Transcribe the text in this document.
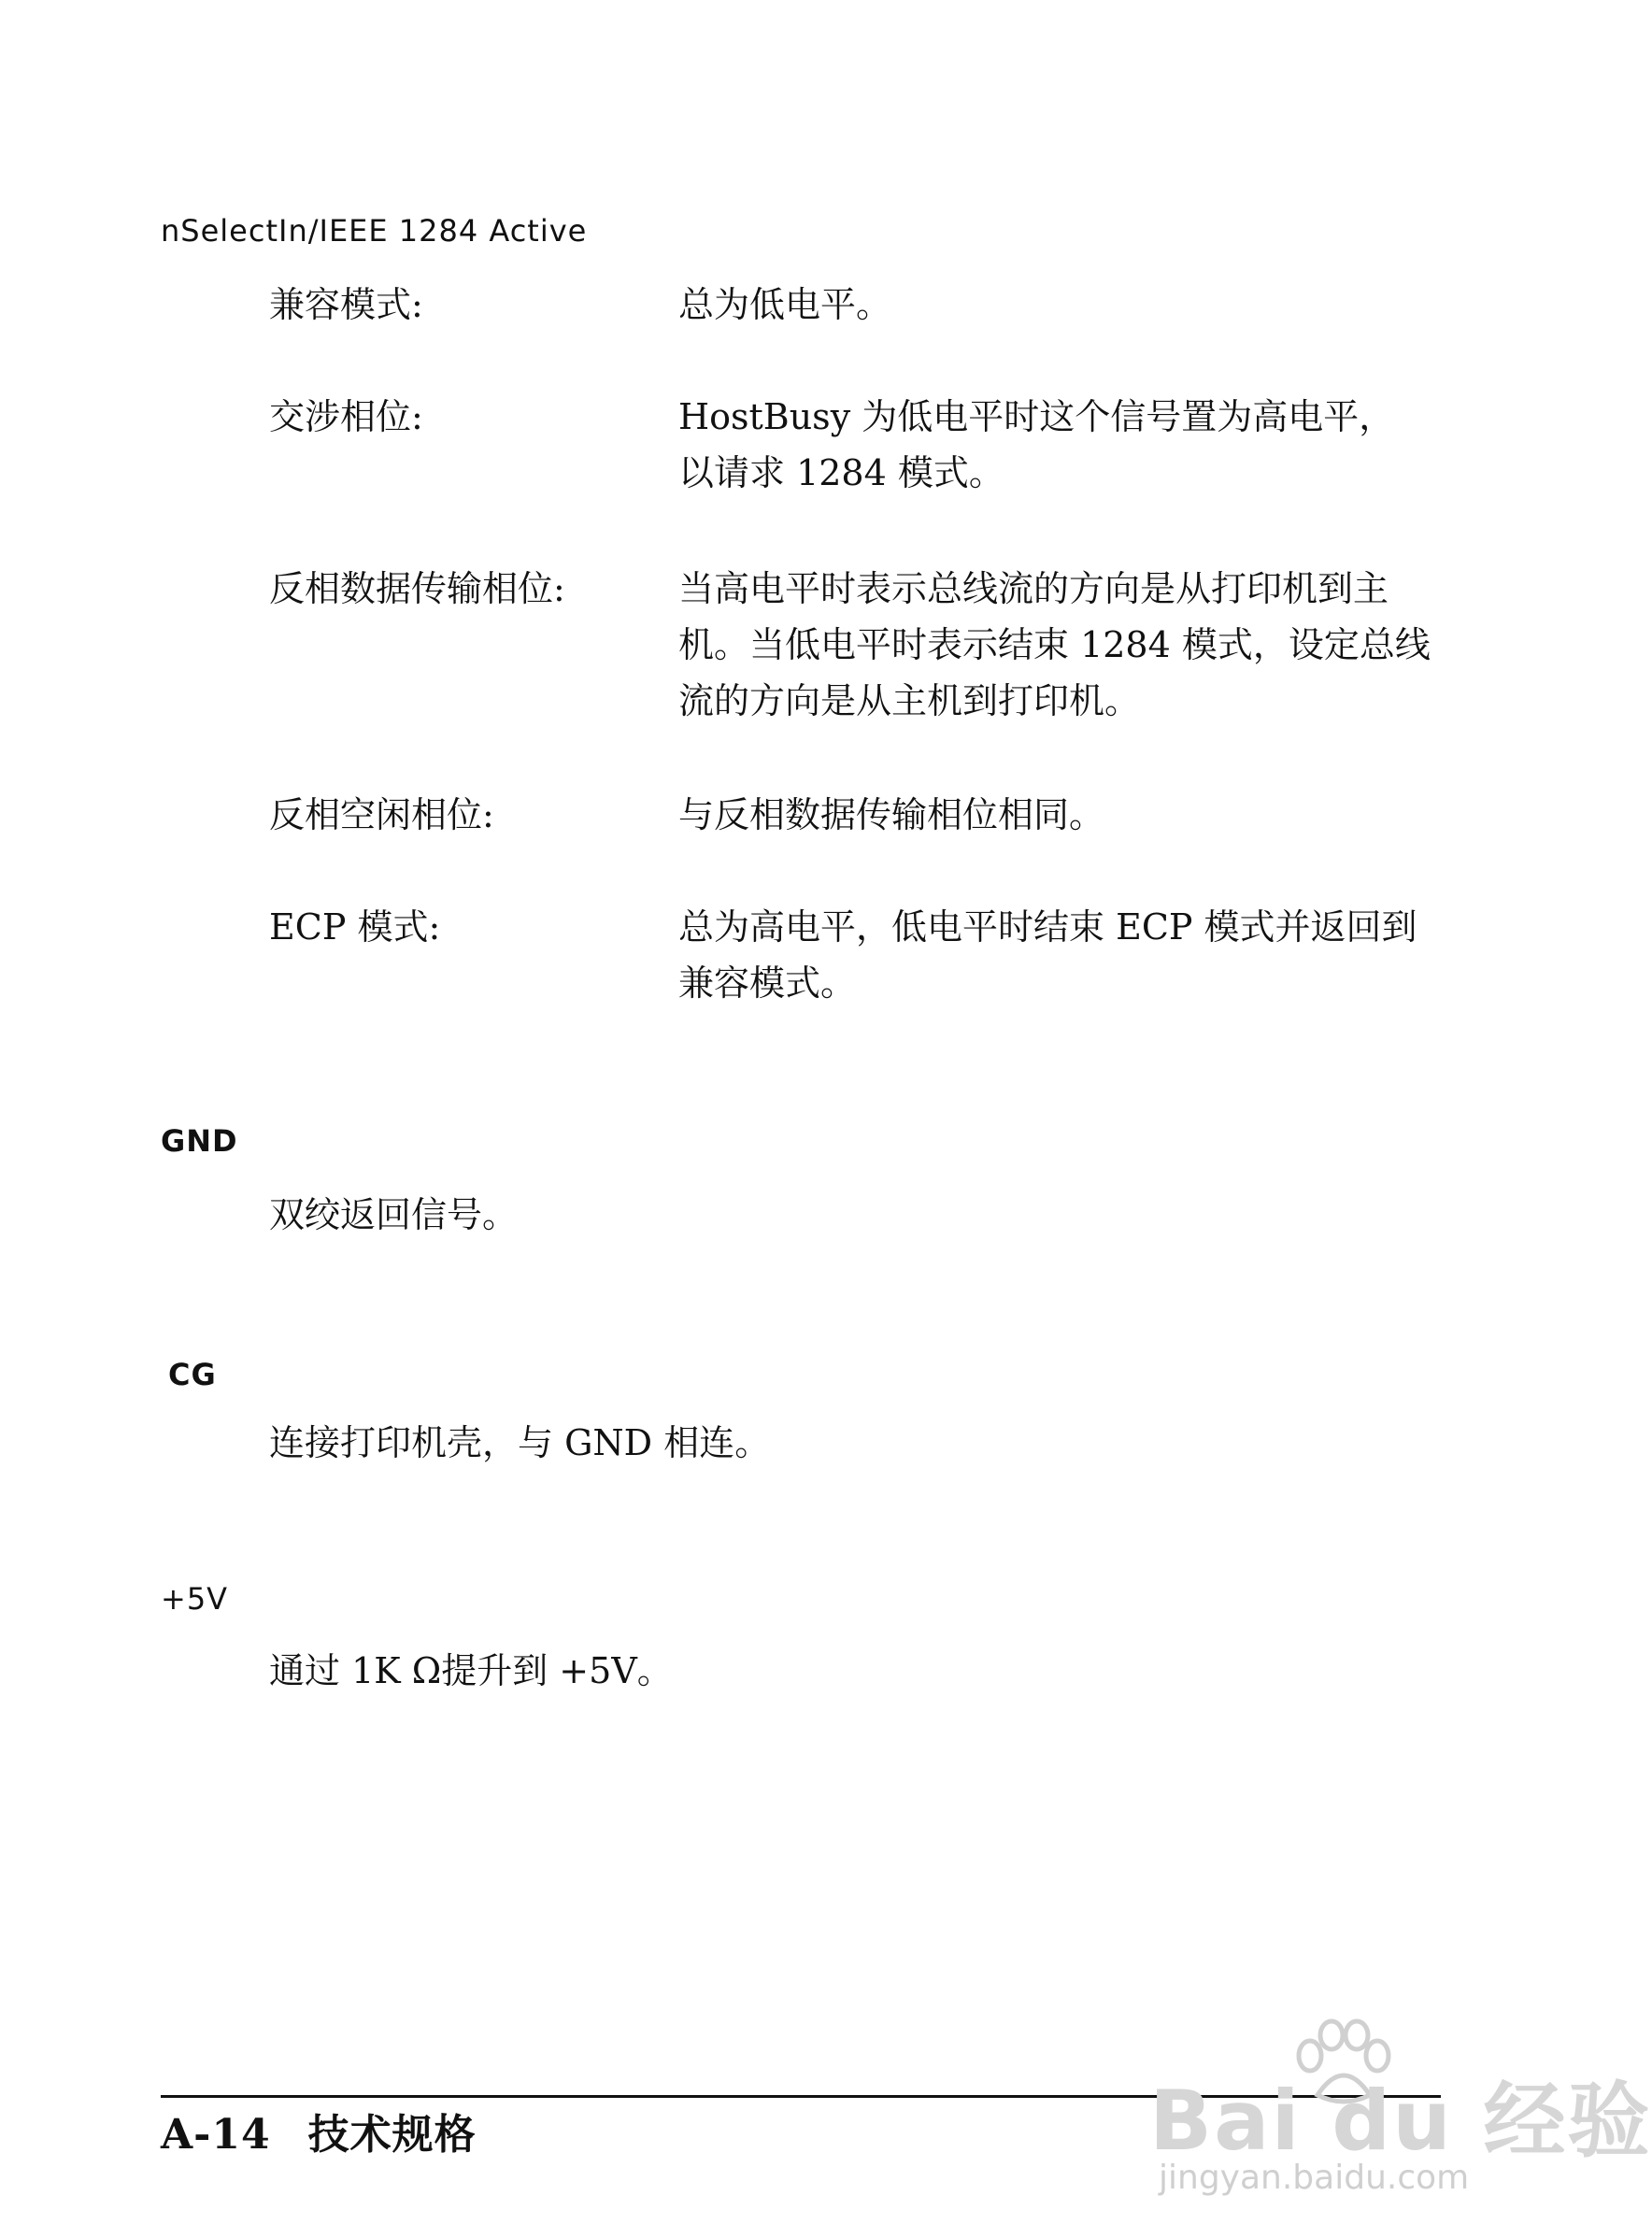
nSelectIn/IEEE 1284 Active
兼容模式:	总为低电平。
交涉相位:	HostBusy 为低电平时这个信号置为高电平，
以请求 1284 模式。
反相数据传输相位:	当高电平时表示总线流的方向是从打印机到主
机。当低电平时表示结束 1284 模式，设定总线
流的方向是从主机到打印机。
反相空闲相位:	与反相数据传输相位相同。
ECP 模式:	总为高电平，低电平时结束 ECP 模式并返回到
兼容模式。
GND
双绞返回信号。
CG
连接打印机壳，与 GND 相连。
+5V
通过 1K Ω提升到 +5V。
A-14 技术规格	Bai du 经验
jingyan.baidu.com
